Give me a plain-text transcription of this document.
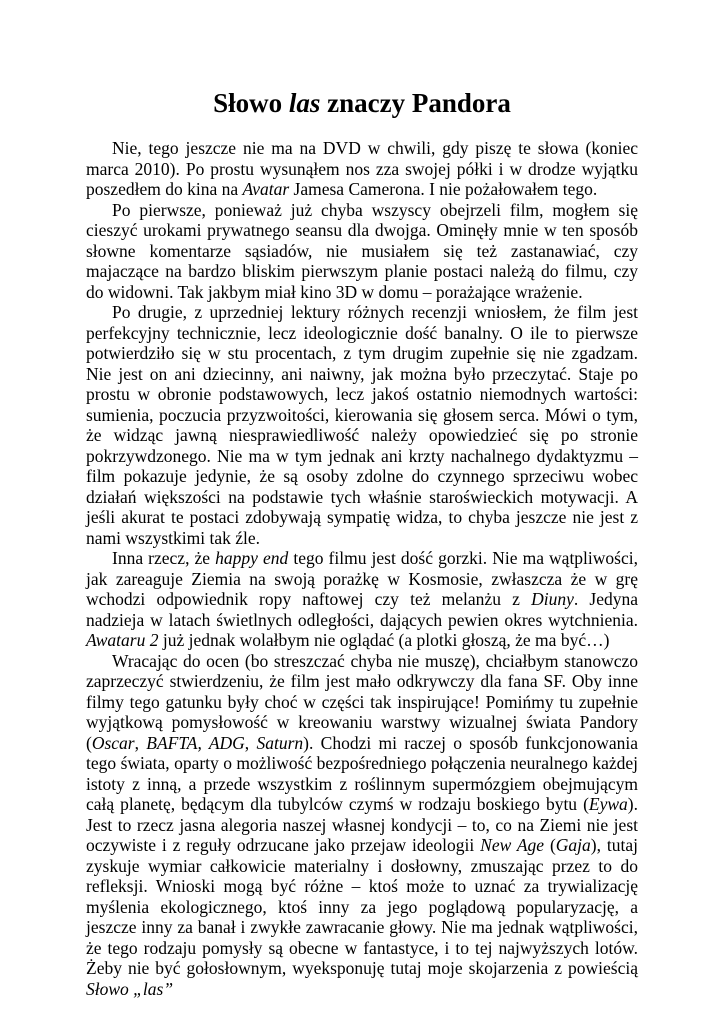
Słowo las znaczy Pandora

Nie, tego jeszcze nie ma na DVD w chwili, gdy piszę te słowa (koniec marca 2010). Po prostu wysunąłem nos zza swojej półki i w drodze wyjątku poszedłem do kina na Avatar Jamesa Camerona. I nie pożałowałem tego.

Po pierwsze, ponieważ już chyba wszyscy obejrzeli film, mogłem się cieszyć urokami prywatnego seansu dla dwojga. Ominęły mnie w ten sposób słowne komentarze sąsiadów, nie musiałem się też zastanawiać, czy majaczące na bardzo bliskim pierwszym planie postaci należą do filmu, czy do widowni. Tak jakbym miał kino 3D w domu – porażające wrażenie.

Po drugie, z uprzedniej lektury różnych recenzji wniosłem, że film jest perfekcyjny technicznie, lecz ideologicznie dość banalny. O ile to pierwsze potwierdziło się w stu procentach, z tym drugim zupełnie się nie zgadzam. Nie jest on ani dziecinny, ani naiwny, jak można było przeczytać. Staje po prostu w obronie podstawowych, lecz jakoś ostatnio niemodnych wartości: sumienia, poczucia przyzwoitości, kierowania się głosem serca. Mówi o tym, że widząc jawną niesprawiedliwość należy opowiedzieć się po stronie pokrzywdzonego. Nie ma w tym jednak ani krzty nachalnego dydaktyzmu – film pokazuje jedynie, że są osoby zdolne do czynnego sprzeciwu wobec działań większości na podstawie tych właśnie staroświeckich motywacji. A jeśli akurat te postaci zdobywają sympatię widza, to chyba jeszcze nie jest z nami wszystkimi tak źle.

Inna rzecz, że happy end tego filmu jest dość gorzki. Nie ma wątpliwości, jak zareaguje Ziemia na swoją porażkę w Kosmosie, zwłaszcza że w grę wchodzi odpowiednik ropy naftowej czy też melanżu z Diuny. Jedyna nadzieja w latach świetlnych odległości, dających pewien okres wytchnienia. Awataru 2 już jednak wolałbym nie oglądać (a plotki głoszą, że ma być…)

Wracając do ocen (bo streszczać chyba nie muszę), chciałbym stanowczo zaprzeczyć stwierdzeniu, że film jest mało odkrywczy dla fana SF. Oby inne filmy tego gatunku były choć w części tak inspirujące! Pomińmy tu zupełnie wyjątkową pomysłowość w kreowaniu warstwy wizualnej świata Pandory (Oscar, BAFTA, ADG, Saturn). Chodzi mi raczej o sposób funkcjonowania tego świata, oparty o możliwość bezpośredniego połączenia neuralnego każdej istoty z inną, a przede wszystkim z roślinnym supermózgiem obejmującym całą planetę, będącym dla tubylców czymś w rodzaju boskiego bytu (Eywa). Jest to rzecz jasna alegoria naszej własnej kondycji – to, co na Ziemi nie jest oczywiste i z reguły odrzucane jako przejaw ideologii New Age (Gaja), tutaj zyskuje wymiar całkowicie materialny i dosłowny, zmuszając przez to do refleksji. Wnioski mogą być różne – ktoś może to uznać za trywializację myślenia ekologicznego, ktoś inny za jego poglądową popularyzację, a jeszcze inny za banał i zwykłe zawracanie głowy. Nie ma jednak wątpliwości, że tego rodzaju pomysły są obecne w fantastyce, i to tej najwyższych lotów. Żeby nie być gołosłownym, wyeksponuję tutaj moje skojarzenia z powieścią Słowo „las”
